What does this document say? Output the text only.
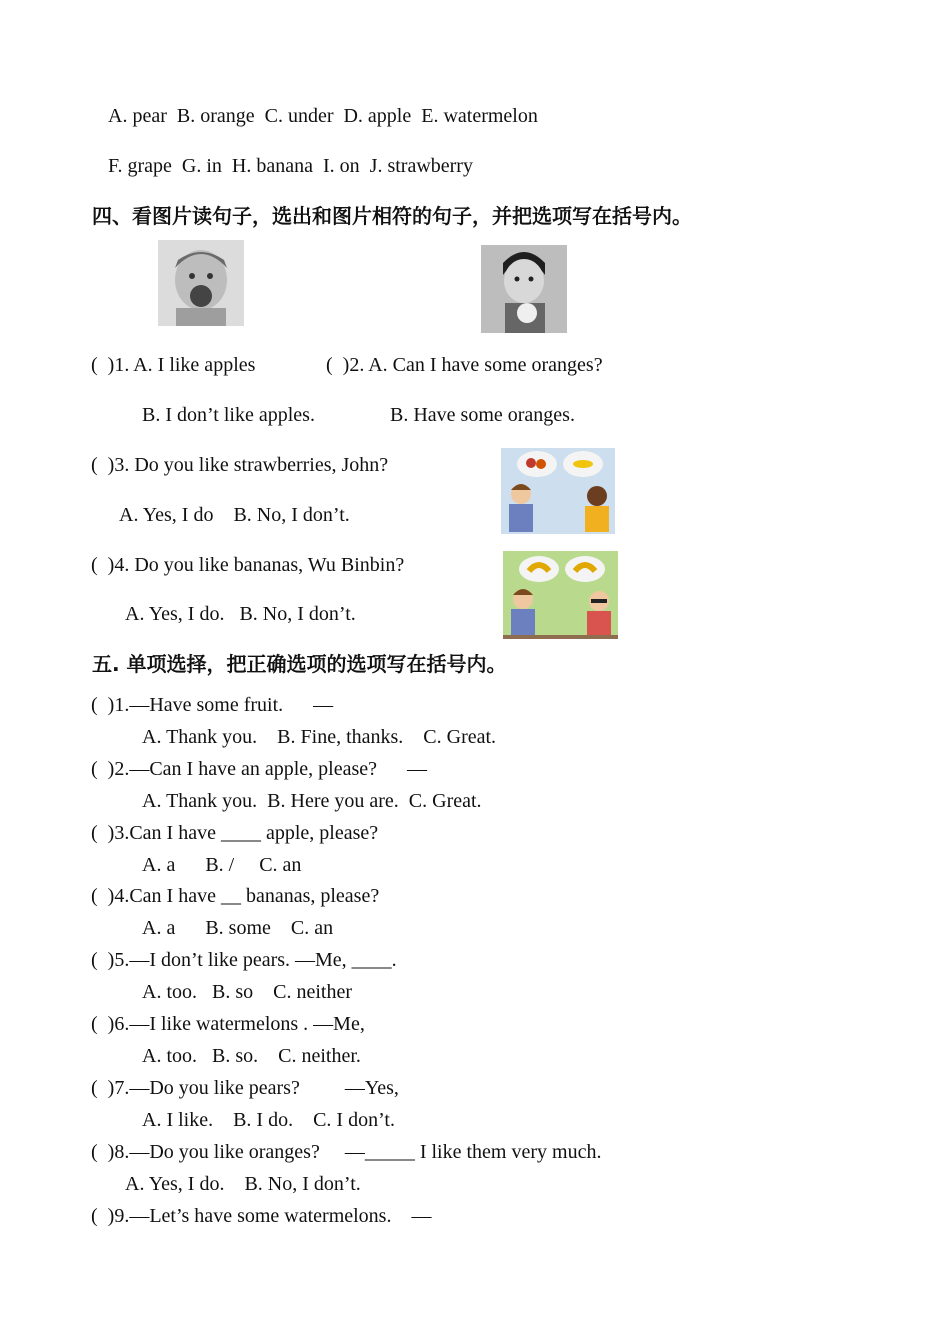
A. pear  B. orange  C. under  D. apple  E. watermelon
F. grape  G. in  H. banana  I. on  J. strawberry
四、看图片读句子，选出和图片相符的句子，并把选项写在括号内。
(  )1. A. I like apples	(  )2. A. Can I have some oranges?
B. I don’t like apples.	B. Have some oranges.
(  )3. Do you like strawberries, John?
A. Yes, I do    B. No, I don’t.
(  )4. Do you like bananas, Wu Binbin?
A. Yes, I do.   B. No, I don’t.
五. 单项选择，把正确选项的选项写在括号内。
(  )1.—Have some fruit.      —
A. Thank you.    B. Fine, thanks.    C. Great.
(  )2.—Can I have an apple, please?      —
A. Thank you.  B. Here you are.  C. Great.
(  )3.Can I have ____ apple, please?
A. a      B. /     C. an
(  )4.Can I have __ bananas, please?
A. a      B. some    C. an
(  )5.—I don’t like pears. —Me, ____.
A. too.   B. so    C. neither
(  )6.—I like watermelons . —Me,
A. too.   B. so.    C. neither.
(  )7.—Do you like pears?         —Yes,
A. I like.    B. I do.    C. I don’t.
(  )8.—Do you like oranges?     —_____ I like them very much.
A. Yes, I do.    B. No, I don’t.
(  )9.—Let’s have some watermelons.    —
